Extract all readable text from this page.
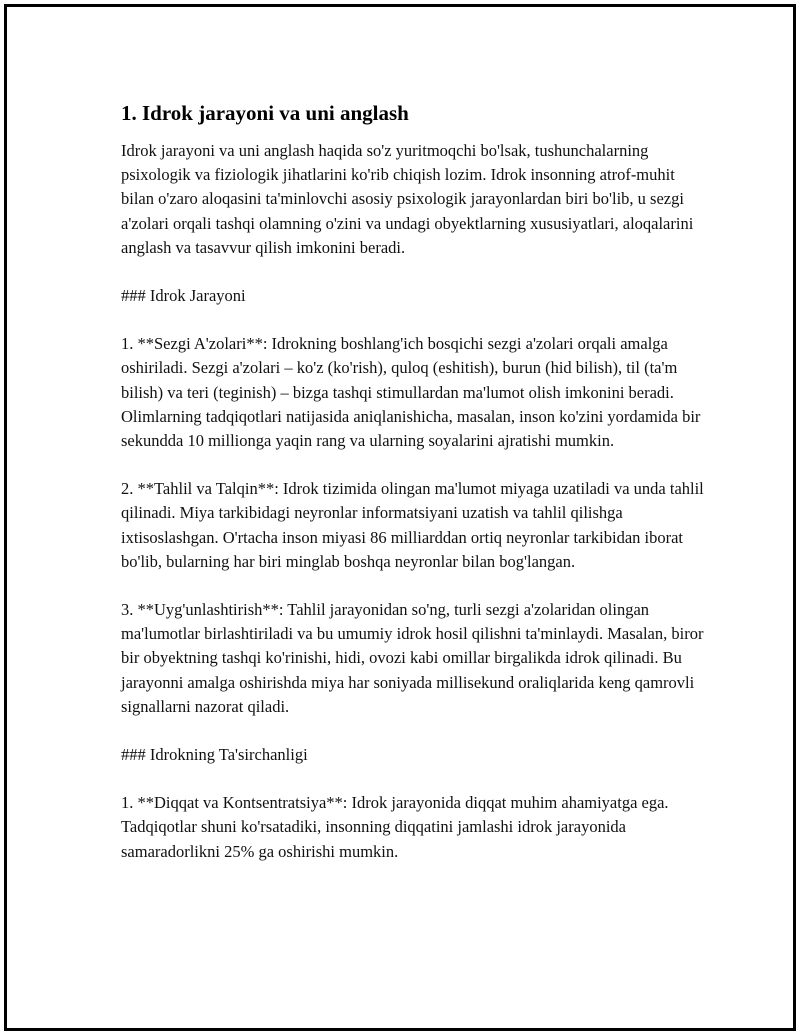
1. Idrok jarayoni va uni anglash

Idrok jarayoni va uni anglash haqida so'z yuritmoqchi bo'lsak, tushunchalarning psixologik va fiziologik jihatlarini ko'rib chiqish lozim. Idrok insonning atrof-muhit bilan o'zaro aloqasini ta'minlovchi asosiy psixologik jarayonlardan biri bo'lib, u sezgi a'zolari orqali tashqi olamning o'zini va undagi obyektlarning xususiyatlari, aloqalarini anglash va tasavvur qilish imkonini beradi.

### Idrok Jarayoni

1. **Sezgi A'zolari**: Idrokning boshlang'ich bosqichi sezgi a'zolari orqali amalga oshiriladi. Sezgi a'zolari – ko'z (ko'rish), quloq (eshitish), burun (hid bilish), til (ta'm bilish) va teri (teginish) – bizga tashqi stimullardan ma'lumot olish imkonini beradi. Olimlarning tadqiqotlari natijasida aniqlanishicha, masalan, inson ko'zini yordamida bir sekundda 10 millionga yaqin rang va ularning soyalarini ajratishi mumkin.

2. **Tahlil va Talqin**: Idrok tizimida olingan ma'lumot miyaga uzatiladi va unda tahlil qilinadi. Miya tarkibidagi neyronlar informatsiyani uzatish va tahlil qilishga ixtisoslashgan. O'rtacha inson miyasi 86 milliarddan ortiq neyronlar tarkibidan iborat bo'lib, bularning har biri minglab boshqa neyronlar bilan bog'langan.

3. **Uyg'unlashtirish**: Tahlil jarayonidan so'ng, turli sezgi a'zolaridan olingan ma'lumotlar birlashtiriladi va bu umumiy idrok hosil qilishni ta'minlaydi. Masalan, biror bir obyektning tashqi ko'rinishi, hidi, ovozi kabi omillar birgalikda idrok qilinadi. Bu jarayonni amalga oshirishda miya har soniyada millisekund oraliqlarida keng qamrovli signallarni nazorat qiladi.

### Idrokning Ta'sirchanligi

1. **Diqqat va Kontsentratsiya**: Idrok jarayonida diqqat muhim ahamiyatga ega. Tadqiqotlar shuni ko'rsatadiki, insonning diqqatini jamlashi idrok jarayonida samaradorlikni 25% ga oshirishi mumkin.
